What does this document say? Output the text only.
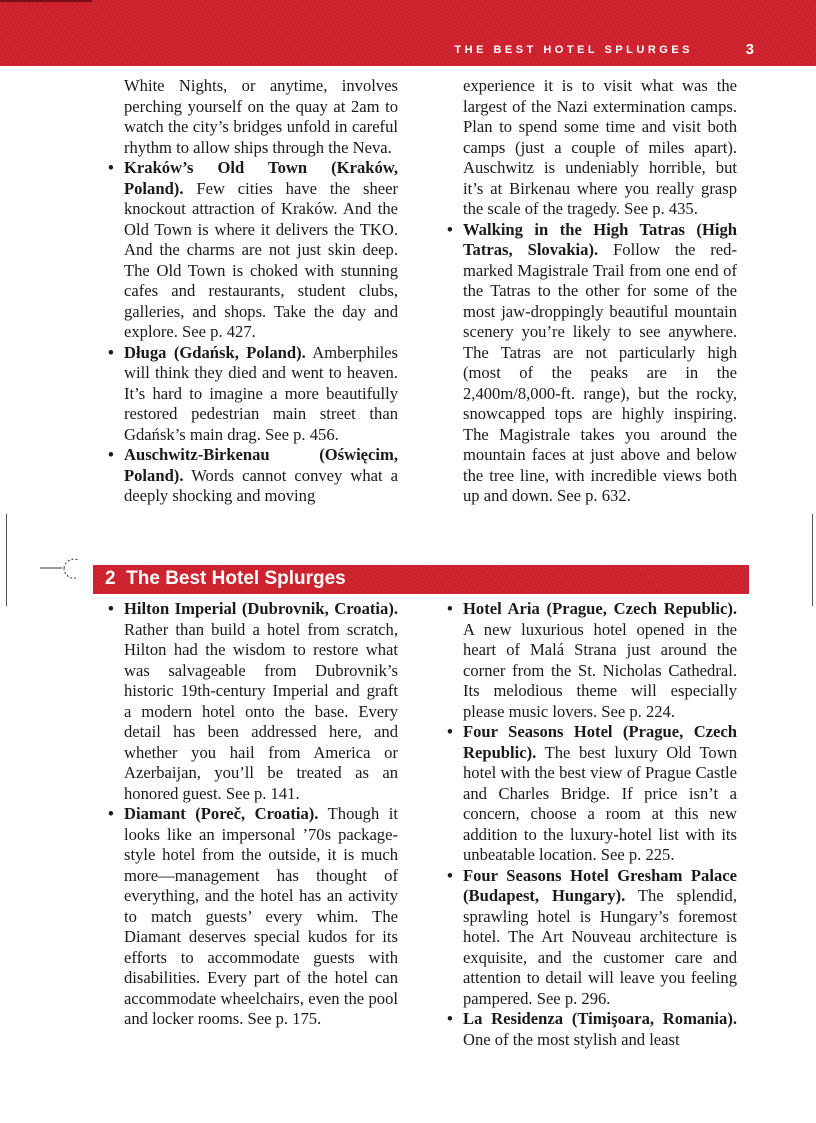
THE BEST HOTEL SPLURGES	3

White Nights, or anytime, involves perching yourself on the quay at 2am to watch the city’s bridges unfold in careful rhythm to allow ships through the Neva.

• Kraków’s Old Town (Kraków, Poland). Few cities have the sheer knockout attraction of Kraków. And the Old Town is where it delivers the TKO. And the charms are not just skin deep. The Old Town is choked with stunning cafes and restaurants, student clubs, galleries, and shops. Take the day and explore. See p. 427.
• Długa (Gdańsk, Poland). Amberphiles will think they died and went to heaven. It’s hard to imagine a more beautifully restored pedestrian main street than Gdańsk’s main drag. See p. 456.
• Auschwitz-Birkenau (Oświęcim, Poland). Words cannot convey what a deeply shocking and moving

experience it is to visit what was the largest of the Nazi extermination camps. Plan to spend some time and visit both camps (just a couple of miles apart). Auschwitz is undeniably horrible, but it’s at Birkenau where you really grasp the scale of the tragedy. See p. 435.

• Walking in the High Tatras (High Tatras, Slovakia). Follow the red-marked Magistrale Trail from one end of the Tatras to the other for some of the most jaw-droppingly beautiful mountain scenery you’re likely to see anywhere. The Tatras are not particularly high (most of the peaks are in the 2,400m/8,000-ft. range), but the rocky, snowcapped tops are highly inspiring. The Magistrale takes you around the mountain faces at just above and below the tree line, with incredible views both up and down. See p. 632.
2 The Best Hotel Splurges
• Hilton Imperial (Dubrovnik, Croatia). Rather than build a hotel from scratch, Hilton had the wisdom to restore what was salvageable from Dubrovnik’s historic 19th-century Imperial and graft a modern hotel onto the base. Every detail has been addressed here, and whether you hail from America or Azerbaijan, you’ll be treated as an honored guest. See p. 141.
• Diamant (Poreč, Croatia). Though it looks like an impersonal ’70s package-style hotel from the outside, it is much more—management has thought of everything, and the hotel has an activity to match guests’ every whim. The Diamant deserves special kudos for its efforts to accommodate guests with disabilities. Every part of the hotel can accommodate wheelchairs, even the pool and locker rooms. See p. 175.
• Hotel Aria (Prague, Czech Republic). A new luxurious hotel opened in the heart of Malá Strana just around the corner from the St. Nicholas Cathedral. Its melodious theme will especially please music lovers. See p. 224.
• Four Seasons Hotel (Prague, Czech Republic). The best luxury Old Town hotel with the best view of Prague Castle and Charles Bridge. If price isn’t a concern, choose a room at this new addition to the luxury-hotel list with its unbeatable location. See p. 225.
• Four Seasons Hotel Gresham Palace (Budapest, Hungary). The splendid, sprawling hotel is Hungary’s foremost hotel. The Art Nouveau architecture is exquisite, and the customer care and attention to detail will leave you feeling pampered. See p. 296.
• La Residenza (Timişoara, Romania). One of the most stylish and least
